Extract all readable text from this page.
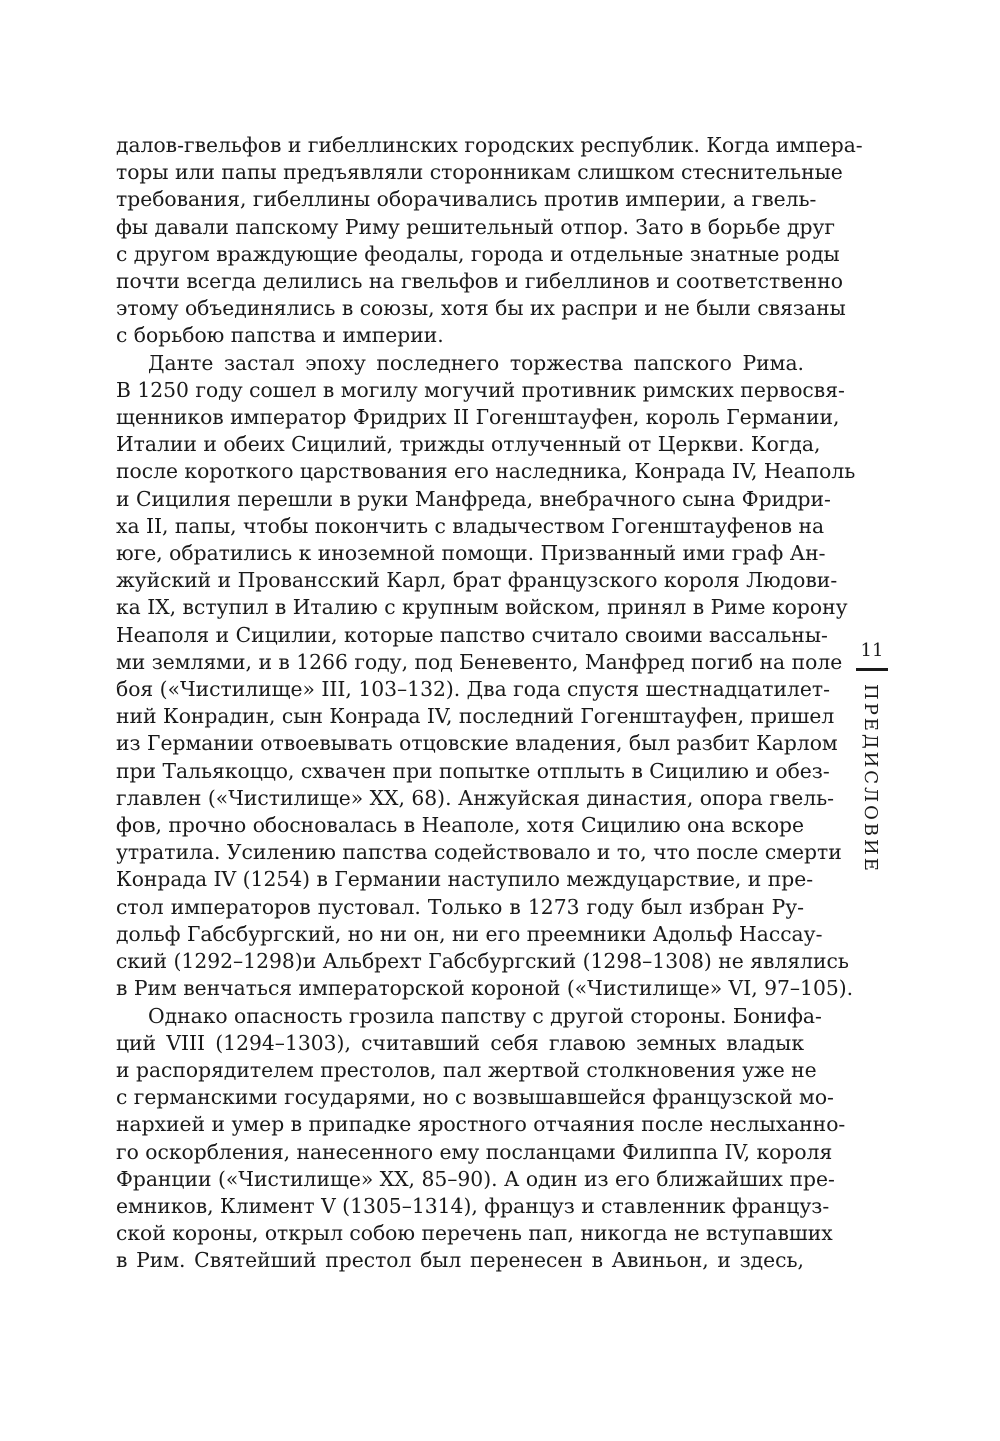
далов-гвельфов и гибеллинских городских республик. Когда импера-
торы или папы предъявляли сторонникам слишком стеснительные
требования, гибеллины оборачивались против империи, а гвель-
фы давали папскому Риму решительный отпор. Зато в борьбе друг
с другом враждующие феодалы, города и отдельные знатные роды
почти всегда делились на гвельфов и гибеллинов и соответственно
этому объединялись в союзы, хотя бы их распри и не были связаны
с борьбою папства и империи.
Данте застал эпоху последнего торжества папского Рима.
В 1250 году сошел в могилу могучий противник римских первосвя-
щенников император Фридрих II Гогенштауфен, король Германии,
Италии и обеих Сицилий, трижды отлученный от Церкви. Когда,
после короткого царствования его наследника, Конрада IV, Неаполь
и Сицилия перешли в руки Манфреда, внебрачного сына Фридри-
ха II, папы, чтобы покончить с владычеством Гогенштауфенов на
юге, обратились к иноземной помощи. Призванный ими граф Ан-
жуйский и Провансский Карл, брат французского короля Людови-
ка IX, вступил в Италию с крупным войском, принял в Риме корону
Неаполя и Сицилии, которые папство считало своими вассальны-
ми землями, и в 1266 году, под Беневенто, Манфред погиб на поле
боя («Чистилище» III, 103–132). Два года спустя шестнадцатилет-
ний Конрадин, сын Конрада IV, последний Гогенштауфен, пришел
из Германии отвоевывать отцовские владения, был разбит Карлом
при Тальякоццо, схвачен при попытке отплыть в Сицилию и обез-
главлен («Чистилище» XX, 68). Анжуйская династия, опора гвель-
фов, прочно обосновалась в Неаполе, хотя Сицилию она вскоре
утратила. Усилению папства содействовало и то, что после смерти
Конрада IV (1254) в Германии наступило междуцарствие, и пре-
стол императоров пустовал. Только в 1273 году был избран Ру-
дольф Габсбургский, но ни он, ни его преемники Адольф Нассау-
ский (1292–1298)и Альбрехт Габсбургский (1298–1308) не являлись
в Рим венчаться императорской короной («Чистилище» VI, 97–105).
Однако опасность грозила папству с другой стороны. Бонифа-
ций VIII (1294–1303), считавший себя главою земных владык
и распорядителем престолов, пал жертвой столкновения уже не
с германскими государями, но с возвышавшейся французской мо-
нархией и умер в припадке яростного отчаяния после неслыханно-
го оскорбления, нанесенного ему посланцами Филиппа IV, короля
Франции («Чистилище» XX, 85–90). А один из его ближайших пре-
емников, Климент V (1305–1314), француз и ставленник француз-
ской короны, открыл собою перечень пап, никогда не вступавших
в Рим. Святейший престол был перенесен в Авиньон, и здесь,
11
ПРЕДИСЛОВИЕ
